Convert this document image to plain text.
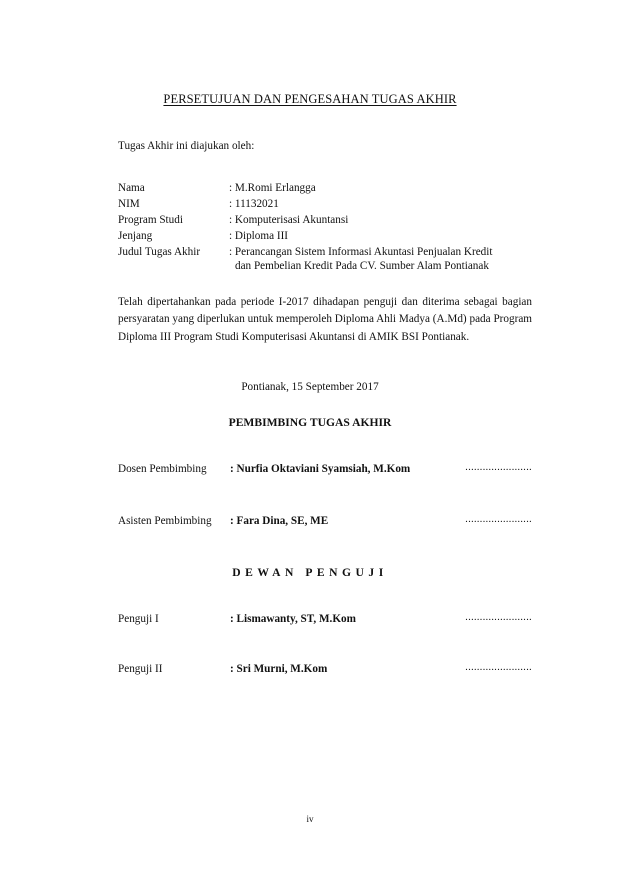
PERSETUJUAN DAN PENGESAHAN TUGAS AKHIR
Tugas Akhir ini diajukan oleh:
Nama	: M.Romi Erlangga
NIM	: 11132021
Program Studi	: Komputerisasi Akuntansi
Jenjang	: Diploma III
Judul Tugas Akhir	: Perancangan Sistem Informasi Akuntasi Penjualan Kredit
dan Pembelian Kredit Pada CV. Sumber Alam Pontianak
Telah dipertahankan pada periode I-2017 dihadapan penguji dan diterima sebagai bagian persyaratan yang diperlukan untuk memperoleh Diploma Ahli Madya (A.Md) pada Program Diploma III Program Studi Komputerisasi Akuntansi di AMIK BSI Pontianak.
Pontianak, 15 September 2017
PEMBIMBING TUGAS AKHIR
Dosen Pembimbing	: Nurfia Oktaviani Syamsiah, M.Kom	.......................
Asisten Pembimbing	: Fara Dina, SE, ME	.......................
DEWAN PENGUJI
Penguji I	: Lismawanty, ST, M.Kom	.......................
Penguji II	: Sri Murni, M.Kom	.......................
iv
